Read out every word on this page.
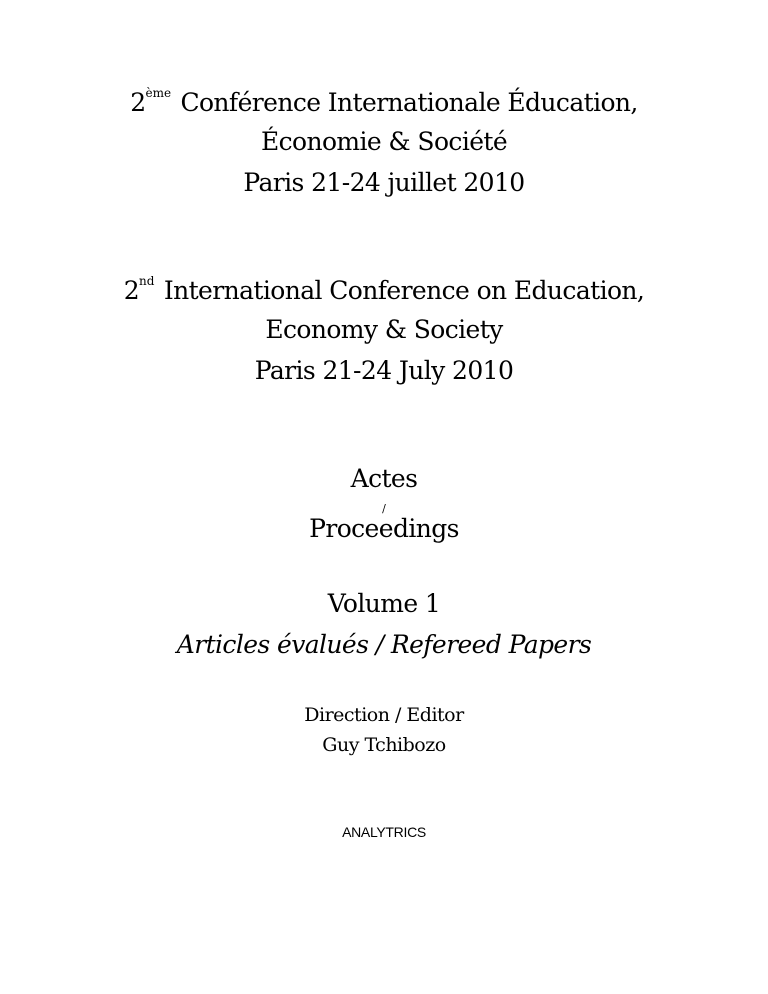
2ème Conférence Internationale Éducation,
Économie & Société
Paris 21-24 juillet 2010
2nd International Conference on Education,
Economy & Society
Paris 21-24 July 2010
Actes
/
Proceedings
Volume 1
Articles évalués / Refereed Papers
Direction / Editor
Guy Tchibozo
ANALYTRICS
